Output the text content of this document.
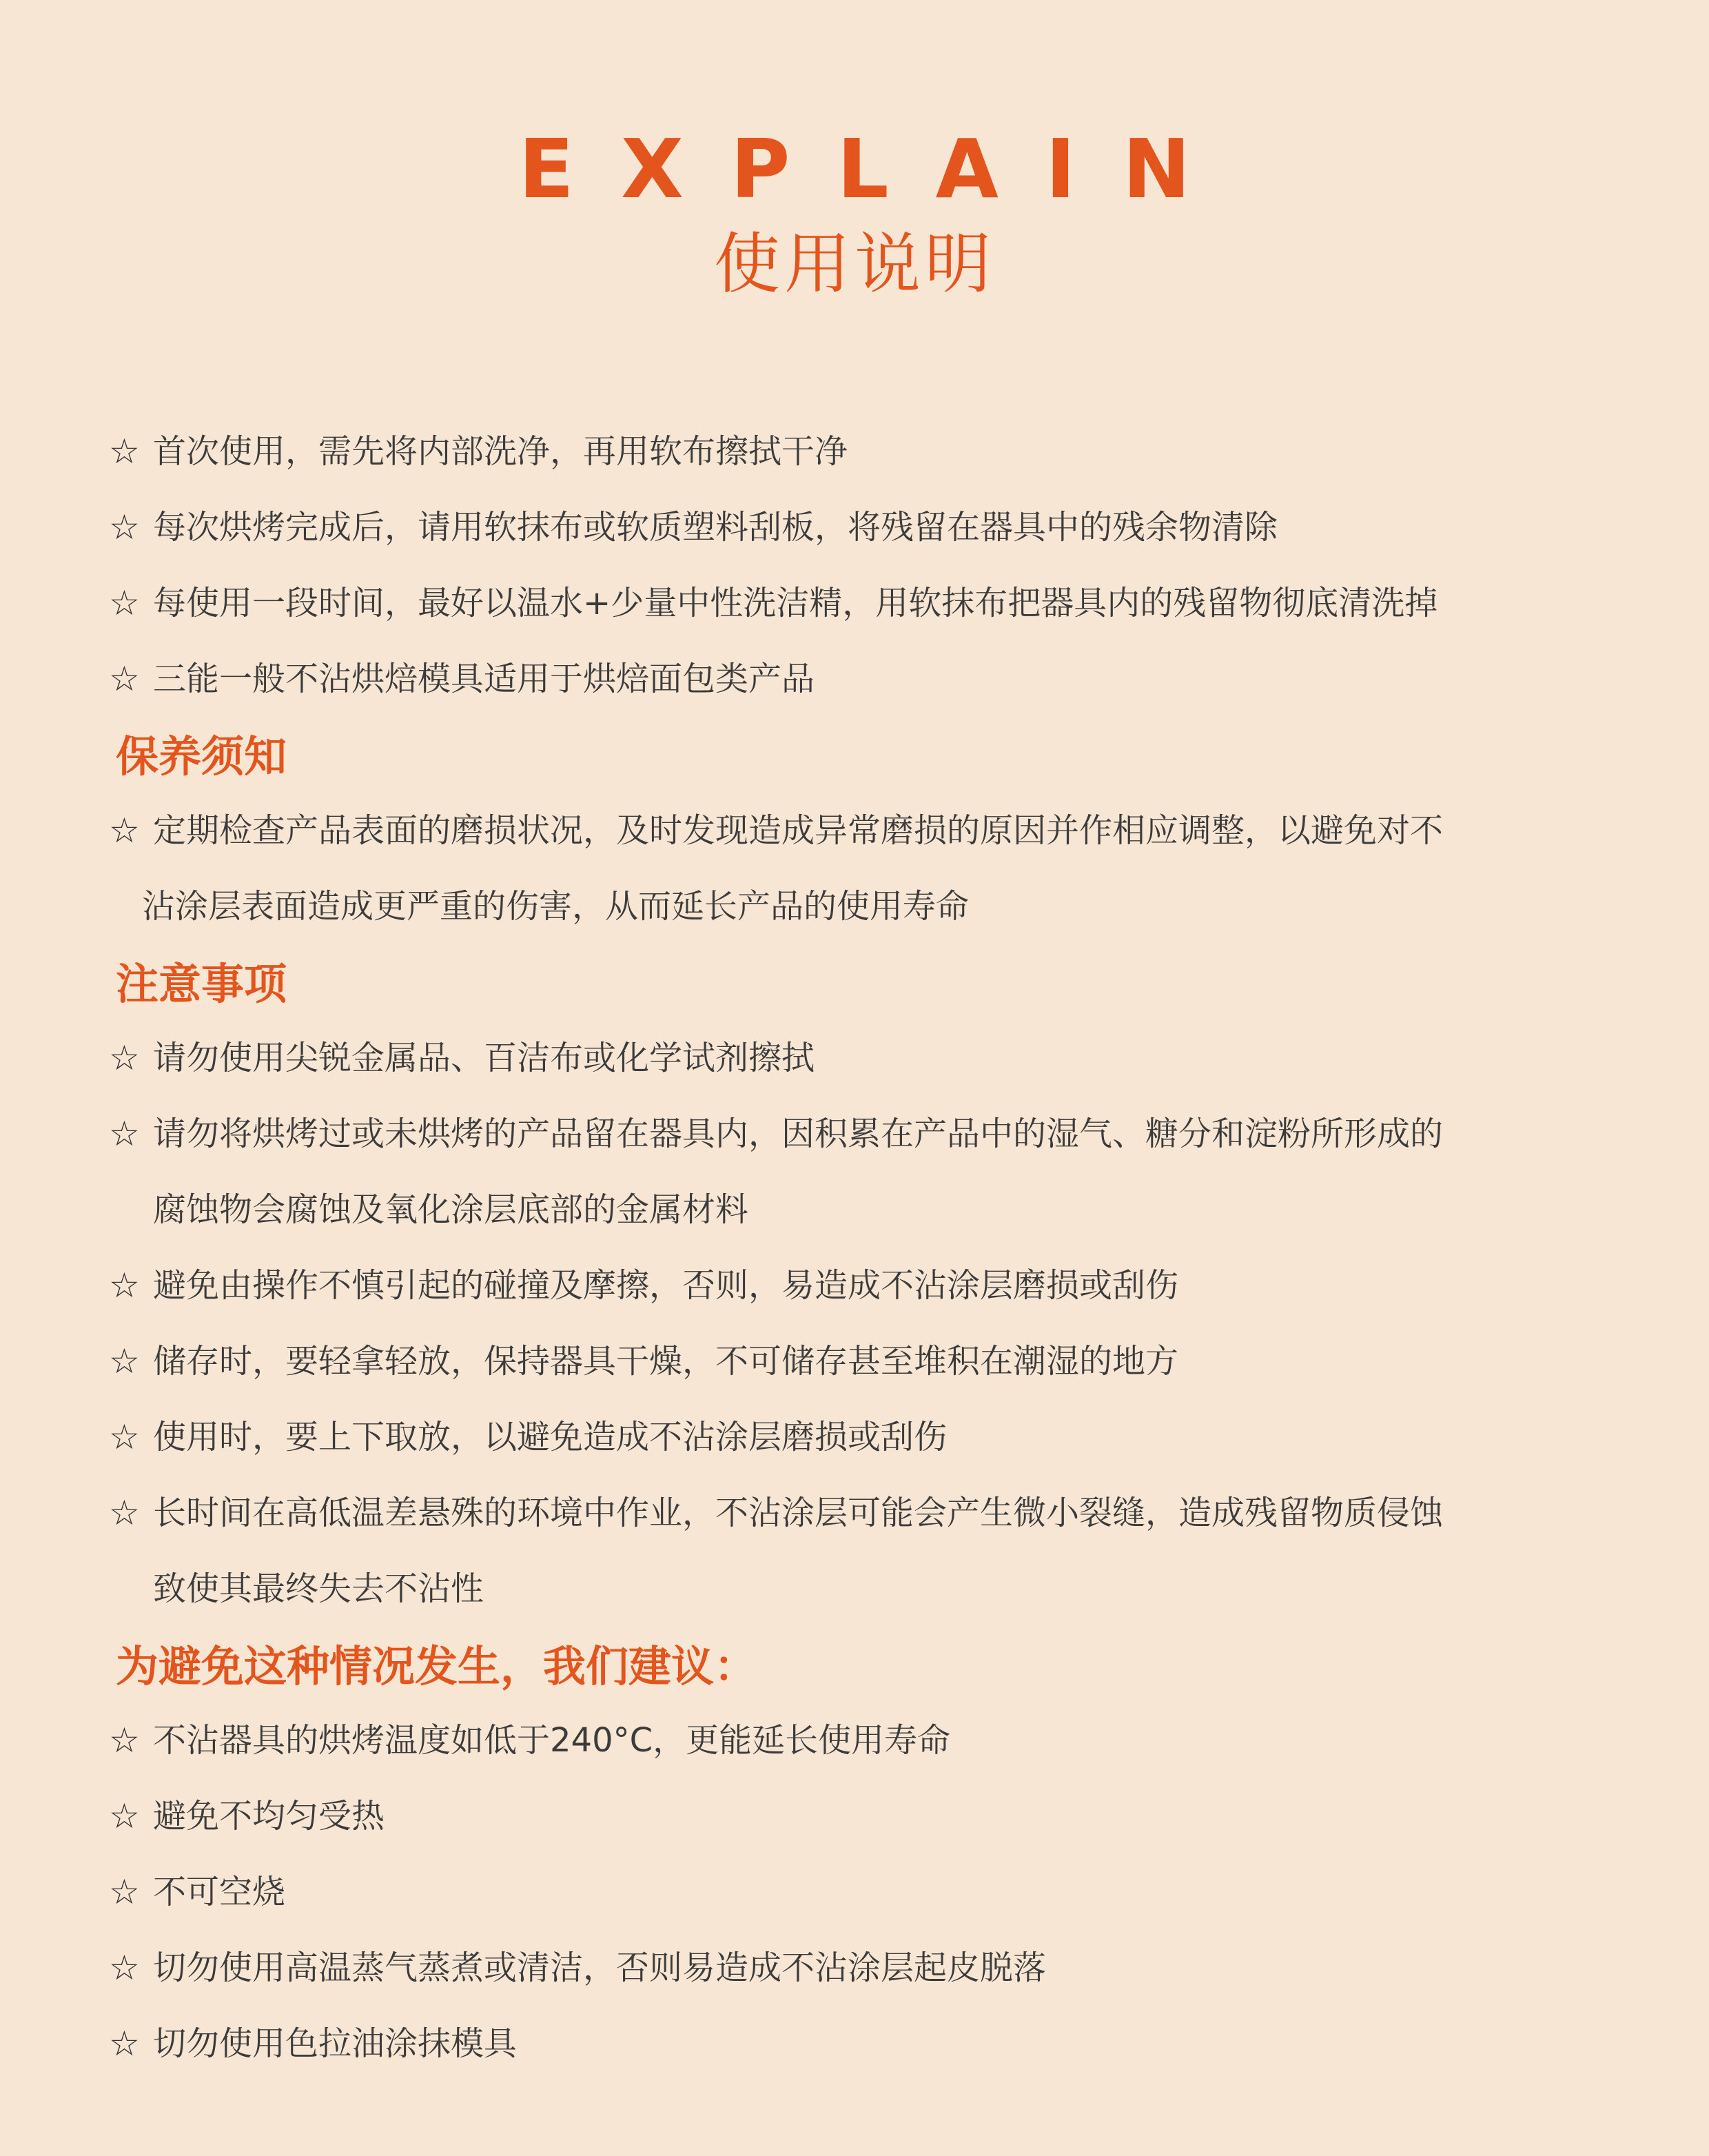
EXPLAIN
使用说明
☆ 首次使用，需先将内部洗净，再用软布擦拭干净
☆ 每次烘烤完成后，请用软抹布或软质塑料刮板，将残留在器具中的残余物清除
☆ 每使用一段时间，最好以温水+少量中性洗洁精，用软抹布把器具内的残留物彻底清洗掉
☆ 三能一般不沾烘焙模具适用于烘焙面包类产品
保养须知
☆ 定期检查产品表面的磨损状况，及时发现造成异常磨损的原因并作相应调整，以避免对不
沾涂层表面造成更严重的伤害，从而延长产品的使用寿命
注意事项
☆ 请勿使用尖锐金属品、百洁布或化学试剂擦拭
☆ 请勿将烘烤过或未烘烤的产品留在器具内，因积累在产品中的湿气、糖分和淀粉所形成的
腐蚀物会腐蚀及氧化涂层底部的金属材料
☆ 避免由操作不慎引起的碰撞及摩擦，否则，易造成不沾涂层磨损或刮伤
☆ 储存时，要轻拿轻放，保持器具干燥，不可储存甚至堆积在潮湿的地方
☆ 使用时，要上下取放，以避免造成不沾涂层磨损或刮伤
☆ 长时间在高低温差悬殊的环境中作业，不沾涂层可能会产生微小裂缝，造成残留物质侵蚀
致使其最终失去不沾性
为避免这种情况发生，我们建议：
☆ 不沾器具的烘烤温度如低于240°C，更能延长使用寿命
☆ 避免不均匀受热
☆ 不可空烧
☆ 切勿使用高温蒸气蒸煮或清洁，否则易造成不沾涂层起皮脱落
☆ 切勿使用色拉油涂抹模具
